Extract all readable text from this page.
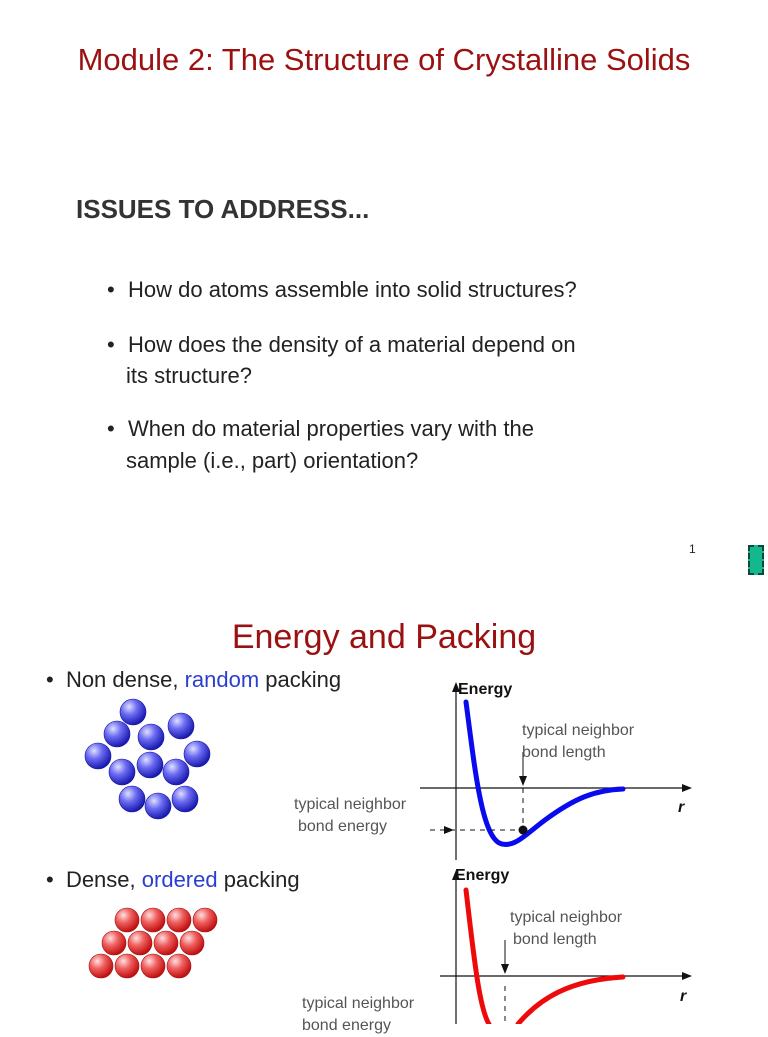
Module 2: The Structure of Crystalline Solids
ISSUES TO ADDRESS...
• How do atoms assemble into solid structures?
• How does the density of a material depend on
its structure?
• When do material properties vary with the
sample (i.e., part) orientation?
1
Energy and Packing
• Non dense, random packing
• Dense, ordered packing
Energy
typical neighbor
bond length
typical neighbor
bond energy
r
Energy
typical neighbor
bond length
typical neighbor
bond energy
r
